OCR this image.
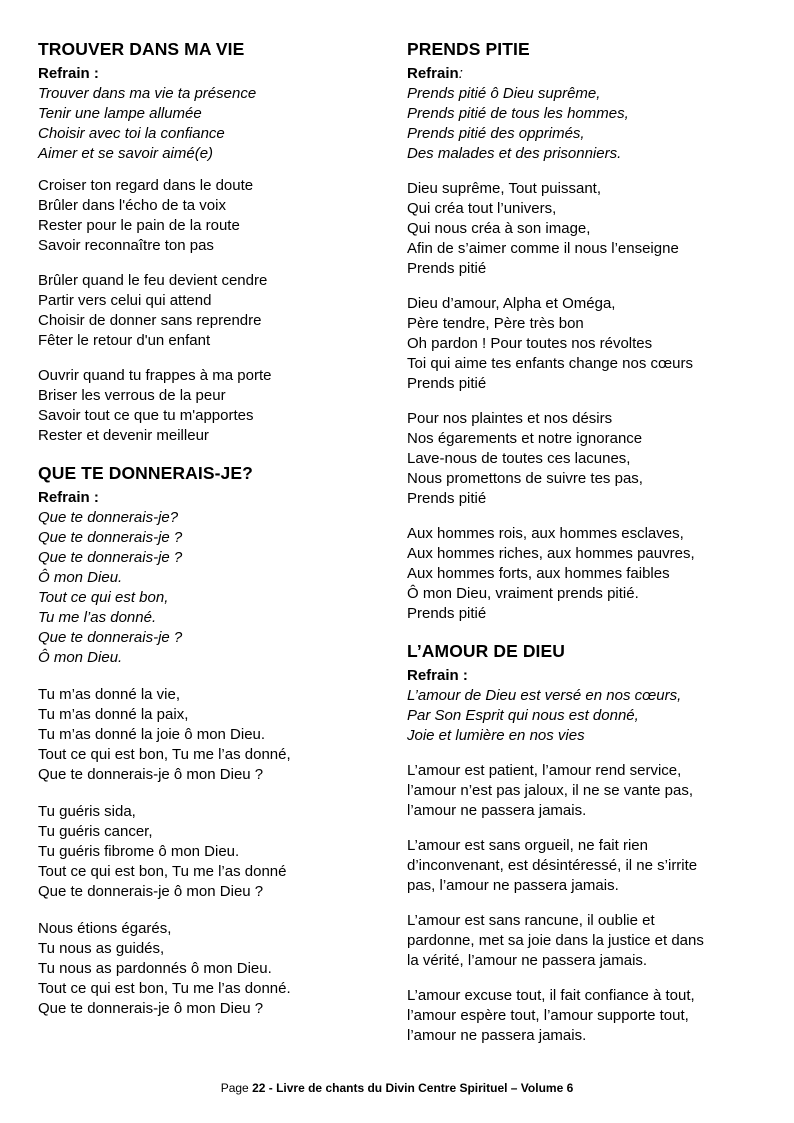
TROUVER DANS MA VIE
Refrain :
Trouver dans ma vie ta présence
Tenir une lampe allumée
Choisir avec toi la confiance
Aimer et se savoir aimé(e)
Croiser ton regard dans le doute
Brûler dans l'écho de ta voix
Rester pour le pain de la route
Savoir reconnaître ton pas
Brûler quand le feu devient cendre
Partir vers celui qui attend
Choisir de donner sans reprendre
Fêter le retour d'un enfant
Ouvrir quand tu frappes à ma porte
Briser les verrous de la peur
Savoir tout ce que tu m'apportes
Rester et devenir meilleur
QUE TE DONNERAIS-JE?
Refrain :
Que te donnerais-je?
Que te donnerais-je ?
Que te donnerais-je ?
Ô mon Dieu.
Tout ce qui est bon,
Tu me l’as donné.
Que te donnerais-je ?
Ô mon Dieu.
Tu m’as donné la vie,
Tu m’as donné la paix,
Tu m’as donné la joie ô mon Dieu.
Tout ce qui est bon, Tu me l’as donné,
Que te donnerais-je ô mon Dieu ?
Tu guéris sida,
Tu guéris cancer,
Tu guéris fibrome ô mon Dieu.
Tout ce qui est bon, Tu me l’as donné
Que te donnerais-je ô mon Dieu ?
Nous étions égarés,
Tu nous as guidés,
Tu nous as pardonnés ô mon Dieu.
Tout ce qui est bon, Tu me l’as donné.
Que te donnerais-je ô mon Dieu ?
PRENDS PITIE
Refrain:
Prends pitié ô Dieu suprême,
Prends pitié de tous les hommes,
Prends pitié des opprimés,
Des malades et des prisonniers.
Dieu suprême, Tout puissant,
Qui créa tout l’univers,
Qui nous créa à son image,
Afin de s’aimer comme il nous l’enseigne
Prends pitié
Dieu d’amour, Alpha et Oméga,
Père tendre, Père très bon
Oh pardon ! Pour toutes nos révoltes
Toi qui aime tes enfants change nos cœurs
Prends pitié
Pour nos plaintes et nos désirs
Nos égarements et notre ignorance
Lave-nous de toutes ces lacunes,
Nous promettons de suivre tes pas,
Prends pitié
Aux hommes rois, aux hommes esclaves,
Aux hommes riches, aux hommes pauvres,
Aux hommes forts, aux hommes faibles
Ô mon Dieu, vraiment prends pitié.
Prends pitié
L’AMOUR DE DIEU
Refrain :
L’amour de Dieu est versé en nos cœurs,
Par Son Esprit qui nous est donné,
Joie et lumière en nos vies
L’amour est patient, l’amour rend service,
l’amour n’est pas jaloux, il ne se vante pas,
l’amour ne passera jamais.
L’amour est sans orgueil, ne fait rien
d’inconvenant, est désintéressé, il ne s’irrite
pas, l’amour ne passera jamais.
L’amour est sans rancune, il oublie et
pardonne, met sa joie dans la justice et dans
la vérité, l’amour ne passera jamais.
L’amour excuse tout, il fait confiance à tout,
l’amour espère tout, l’amour supporte tout,
l’amour ne passera jamais.
Page 22 - Livre de chants du Divin Centre Spirituel – Volume 6
